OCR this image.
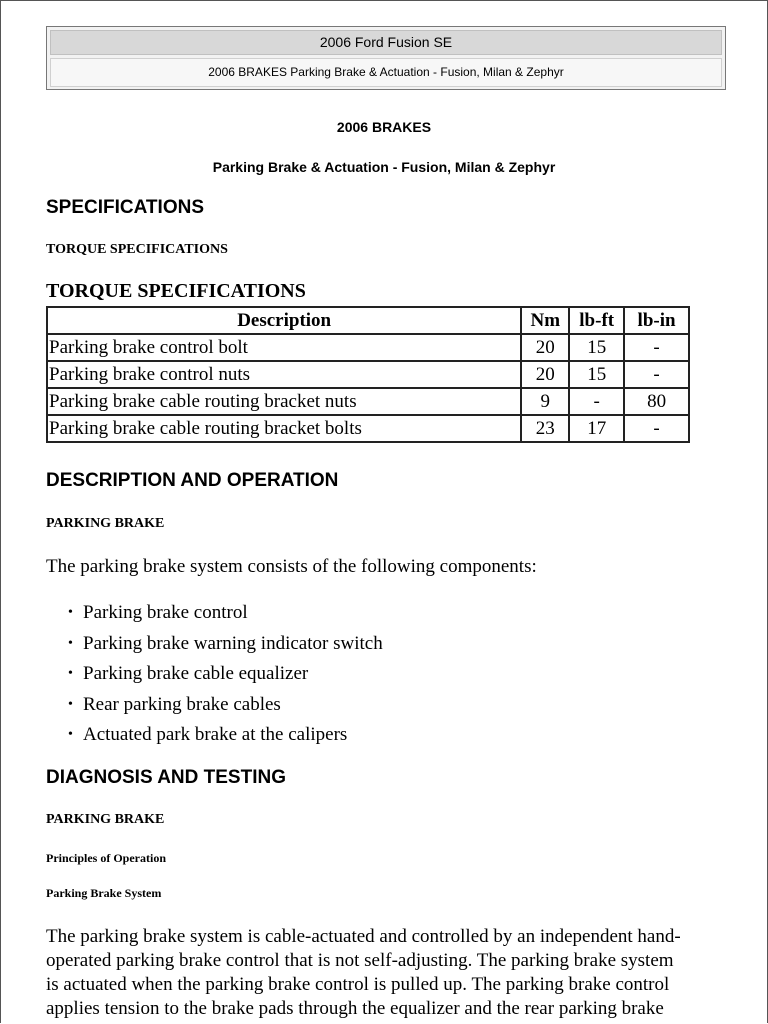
2006 Ford Fusion SE
2006 BRAKES Parking Brake & Actuation - Fusion, Milan & Zephyr
2006 BRAKES
Parking Brake & Actuation - Fusion, Milan & Zephyr
SPECIFICATIONS
TORQUE SPECIFICATIONS
TORQUE SPECIFICATIONS
Description	Nm	lb-ft	lb-in
Parking brake control bolt	20	15	-
Parking brake control nuts	20	15	-
Parking brake cable routing bracket nuts	9	-	80
Parking brake cable routing bracket bolts	23	17	-
DESCRIPTION AND OPERATION
PARKING BRAKE
The parking brake system consists of the following components:
• Parking brake control
• Parking brake warning indicator switch
• Parking brake cable equalizer
• Rear parking brake cables
• Actuated park brake at the calipers
DIAGNOSIS AND TESTING
PARKING BRAKE
Principles of Operation
Parking Brake System
The parking brake system is cable-actuated and controlled by an independent hand-
operated parking brake control that is not self-adjusting. The parking brake system
is actuated when the parking brake control is pulled up. The parking brake control
applies tension to the brake pads through the equalizer and the rear parking brake
